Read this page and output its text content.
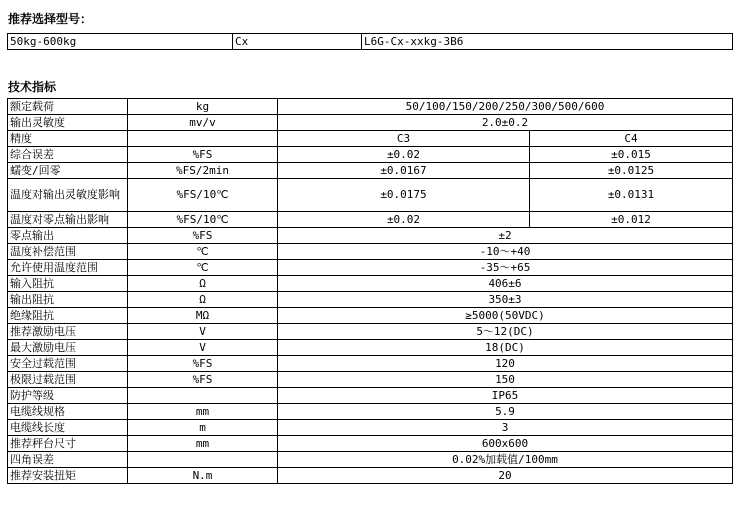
推荐选择型号：
50kg-600kg	Cx	L6G-Cx-xxkg-3B6
技术指标
额定载荷	kg	50/100/150/200/250/300/500/600	
输出灵敏度	mv/v	2.0±0.2	
精度		C3	C4
综合误差	%FS	±0.02	±0.015
蠕变/回零	%FS/2min	±0.0167	±0.0125
温度对输出灵敏度影响	%FS/10℃	±0.0175	±0.0131
温度对零点输出影响	%FS/10℃	±0.02	±0.012
零点输出	%FS	±2	
温度补偿范围	℃	-10～+40	
允许使用温度范围	℃	-35～+65	
输入阻抗	Ω	406±6	
输出阻抗	Ω	350±3	
绝缘阻抗	MΩ	≥5000(50VDC)	
推荐激励电压	V	5～12(DC)	
最大激励电压	V	18(DC)	
安全过载范围	%FS	120	
极限过载范围	%FS	150	
防护等级		IP65	
电缆线规格	mm	5.9	
电缆线长度	m	3	
推荐秤台尺寸	mm	600x600	
四角误差		0.02%加载值/100mm	
推荐安装扭矩	N.m	20	
